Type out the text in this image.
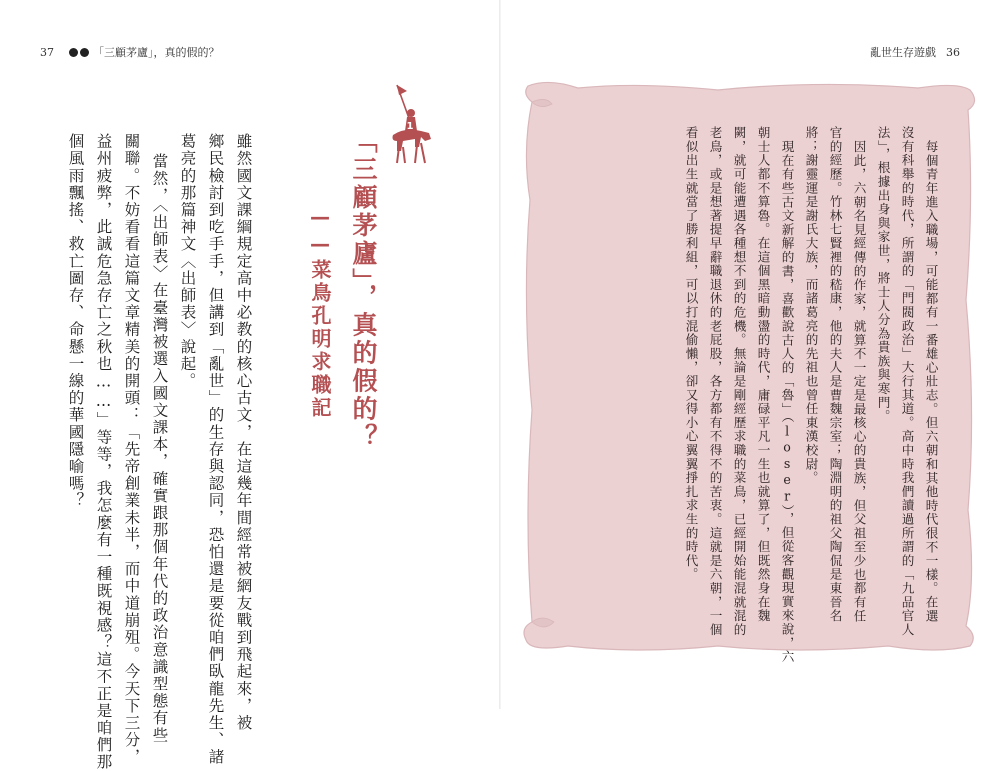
37	「三顧茅廬」，真的假的？	亂世生存遊戲 36
1
「三顧茅廬」，真的假的？
——菜鳥孔明求職記
雖然國文課綱規定高中必教的核心古文，在這幾年間經常被網友戰到飛起來，被
鄉民檢討到吃手手，但講到「亂世」的生存與認同，恐怕還是要從咱們臥龍先生、諸
葛亮的那篇神文〈出師表〉說起。
當然，〈出師表〉在臺灣被選入國文課本，確實跟那個年代的政治意識型態有些
關聯。不妨看看這篇文章精美的開頭：「先帝創業未半，而中道崩殂。今天下三分，
益州疲弊，此誠危急存亡之秋也……」等等，我怎麼有一種既視感？這不正是咱們那
個風雨飄搖、救亡圖存、命懸一線的華國隱喻嗎？	每個青年進入職場，可能都有一番雄心壯志。但六朝和其他時代很不一樣。在選
沒有科舉的時代，所謂的「門閥政治」大行其道。高中時我們讀過所謂的「九品官人
法」，根據出身與家世，將士人分為貴族與寒門。
因此，六朝名見經傳的作家，就算不一定是最核心的貴族，但父祖至少也都有任
官的經歷。竹林七賢裡的嵇康，他的夫人是曹魏宗室；陶淵明的祖父陶侃是東晉名
將；謝靈運是謝氏大族，而諸葛亮的先祖也曾任東漢校尉。
現在有些古文新解的書，喜歡說古人的「魯」（loser），但從客觀現實來說，六
朝士人都不算魯。在這個黑暗動盪的時代，庸碌平凡一生也就算了，但既然身在魏
闕，就可能遭遇各種想不到的危機。無論是剛經歷求職的菜鳥，已經開始能混就混的
老鳥，或是想著提早辭職退休的老屁股，各方都有不得不的苦衷。這就是六朝，一個
看似出生就當了勝利組，可以打混偷懶，卻又得小心翼翼掙扎求生的時代。
